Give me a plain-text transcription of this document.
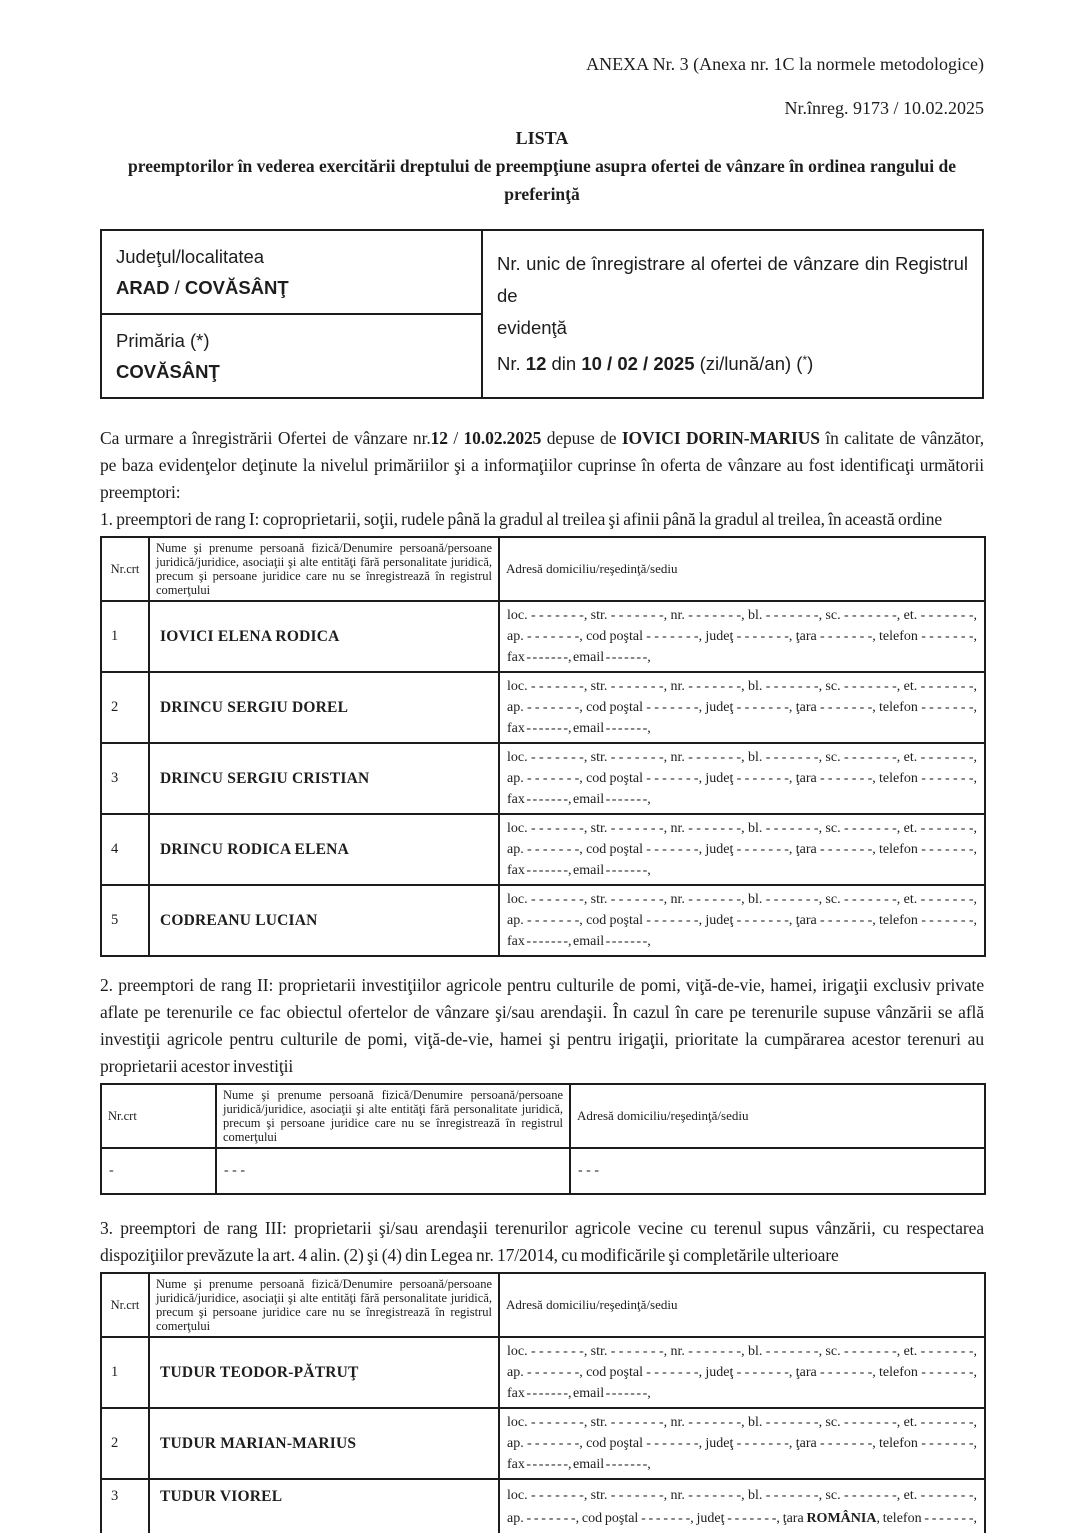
ANEXA Nr. 3 (Anexa nr. 1C la normele metodologice)
Nr.înreg. 9173 / 10.02.2025
LISTA
preemptorilor în vederea exercitării dreptului de preempţiune asupra ofertei de vânzare în ordinea rangului de
preferinţă
Judeţul/localitatea
ARAD / COVĂSÂNŢ

Nr. unic de înregistrare al ofertei de vânzare din Registrul de
evidenţă
Nr. 12 din 10 / 02 / 2025 (zi/lună/an) (*)

Primăria (*)
COVĂSÂNŢ
Ca urmare a înregistrării Ofertei de vânzare nr.12 / 10.02.2025 depuse de IOVICI DORIN-MARIUS în calitate de vânzător,
pe baza evidenţelor deţinute la nivelul primăriilor şi a informaţiilor cuprinse în oferta de vânzare au fost identificaţi următorii
preemptori:
1. preemptori de rang I: coproprietarii, soţii, rudele până la gradul al treilea şi afinii până la gradul al treilea, în această ordine
Nr.crt	Nume şi prenume persoană fizică/Denumire persoană/persoane juridică/juridice, asociaţii şi alte entităţi fără personalitate juridică, precum şi persoane juridice care nu se înregistrează în registrul comerţului	Adresă domiciliu/reşedinţă/sediu
1	IOVICI ELENA RODICA	loc. - - - - - - -, str. - - - - - - -, nr. - - - - - - -, bl. - - - - - - -, sc. - - - - - - -, et. - - - - - - -,
ap. - - - - - - -, cod poştal - - - - - - -, judeţ - - - - - - -, ţara - - - - - - -, telefon - - - - - - -,
fax - - - - - - -, email - - - - - - -,

2	DRINCU SERGIU DOREL	loc. - - - - - - -, str. - - - - - - -, nr. - - - - - - -, bl. - - - - - - -, sc. - - - - - - -, et. - - - - - - -,
ap. - - - - - - -, cod poştal - - - - - - -, judeţ - - - - - - -, ţara - - - - - - -, telefon - - - - - - -,
fax - - - - - - -, email - - - - - - -,

3	DRINCU SERGIU CRISTIAN	loc. - - - - - - -, str. - - - - - - -, nr. - - - - - - -, bl. - - - - - - -, sc. - - - - - - -, et. - - - - - - -,
ap. - - - - - - -, cod poştal - - - - - - -, judeţ - - - - - - -, ţara - - - - - - -, telefon - - - - - - -,
fax - - - - - - -, email - - - - - - -,

4	DRINCU RODICA ELENA	loc. - - - - - - -, str. - - - - - - -, nr. - - - - - - -, bl. - - - - - - -, sc. - - - - - - -, et. - - - - - - -,
ap. - - - - - - -, cod poştal - - - - - - -, judeţ - - - - - - -, ţara - - - - - - -, telefon - - - - - - -,
fax - - - - - - -, email - - - - - - -,

5	CODREANU LUCIAN	loc. - - - - - - -, str. - - - - - - -, nr. - - - - - - -, bl. - - - - - - -, sc. - - - - - - -, et. - - - - - - -,
ap. - - - - - - -, cod poştal - - - - - - -, judeţ - - - - - - -, ţara - - - - - - -, telefon - - - - - - -,
fax - - - - - - -, email - - - - - - -,
2. preemptori de rang II: proprietarii investiţiilor agricole pentru culturile de pomi, viţă-de-vie, hamei, irigaţii exclusiv private
aflate pe terenurile ce fac obiectul ofertelor de vânzare şi/sau arendaşii. În cazul în care pe terenurile supuse vânzării se află
investiţii agricole pentru culturile de pomi, viţă-de-vie, hamei şi pentru irigaţii, prioritate la cumpărarea acestor terenuri au
proprietarii acestor investiţii
Nr.crt	Nume şi prenume persoană fizică/Denumire persoană/persoane juridică/juridice, asociaţii şi alte entităţi fără personalitate juridică, precum şi persoane juridice care nu se înregistrează în registrul comerţului	Adresă domiciliu/reşedinţă/sediu
-	- - -	- - -
3. preemptori de rang III: proprietarii şi/sau arendaşii terenurilor agricole vecine cu terenul supus vânzării, cu respectarea
dispoziţiilor prevăzute la art. 4 alin. (2) şi (4) din Legea nr. 17/2014, cu modificările şi completările ulterioare
Nr.crt	Nume şi prenume persoană fizică/Denumire persoană/persoane juridică/juridice, asociaţii şi alte entităţi fără personalitate juridică, precum şi persoane juridice care nu se înregistrează în registrul comerţului	Adresă domiciliu/reşedinţă/sediu
1	TUDUR TEODOR-PĂTRUŢ	loc. - - - - - - -, str. - - - - - - -, nr. - - - - - - -, bl. - - - - - - -, sc. - - - - - - -, et. - - - - - - -,
ap. - - - - - - -, cod poştal - - - - - - -, judeţ - - - - - - -, ţara - - - - - - -, telefon - - - - - - -,
fax - - - - - - -, email - - - - - - -,

2	TUDUR MARIAN-MARIUS	loc. - - - - - - -, str. - - - - - - -, nr. - - - - - - -, bl. - - - - - - -, sc. - - - - - - -, et. - - - - - - -,
ap. - - - - - - -, cod poştal - - - - - - -, judeţ - - - - - - -, ţara - - - - - - -, telefon - - - - - - -,
fax - - - - - - -, email - - - - - - -,

3	TUDUR VIOREL	loc. - - - - - - -, str. - - - - - - -, nr. - - - - - - -, bl. - - - - - - -, sc. - - - - - - -, et. - - - - - - -,
ap. - - - - - - -, cod poştal - - - - - - -, judeţ - - - - - - -, ţara ROMÂNIA, telefon - - - - - - -,
